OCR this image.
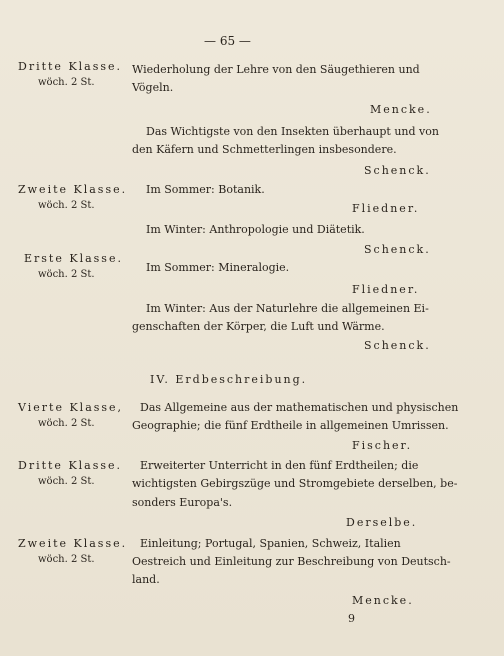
— 65 —
Dritte Klasse.
wöch. 2 St.
Wiederholung der Lehre von den Säugethieren und
Vögeln.
Mencke.
Das Wichtigste von den Insekten überhaupt und von
den Käfern und Schmetterlingen insbesondere.
Schenck.
Zweite Klasse.
wöch. 2 St.
Im Sommer: Botanik.
Fliedner.
Im Winter: Anthropologie und Diätetik.
Schenck.
Erste Klasse.
wöch. 2 St.
Im Sommer: Mineralogie.
Fliedner.
Im Winter: Aus der Naturlehre die allgemeinen Ei-
genschaften der Körper, die Luft und Wärme.
Schenck.
IV. Erdbeschreibung.
Vierte Klasse,
wöch. 2 St.
Das Allgemeine aus der mathematischen und physischen
Geographie; die fünf Erdtheile in allgemeinen Umrissen.
Fischer.
Dritte Klasse.
wöch. 2 St.
Erweiterter Unterricht in den fünf Erdtheilen; die
wichtigsten Gebirgszüge und Stromgebiete derselben, be-
sonders Europa's.
Derselbe.
Zweite Klasse.
wöch. 2 St.
Einleitung; Portugal, Spanien, Schweiz, Italien
Oestreich und Einleitung zur Beschreibung von Deutsch-
land.
Mencke.
9
